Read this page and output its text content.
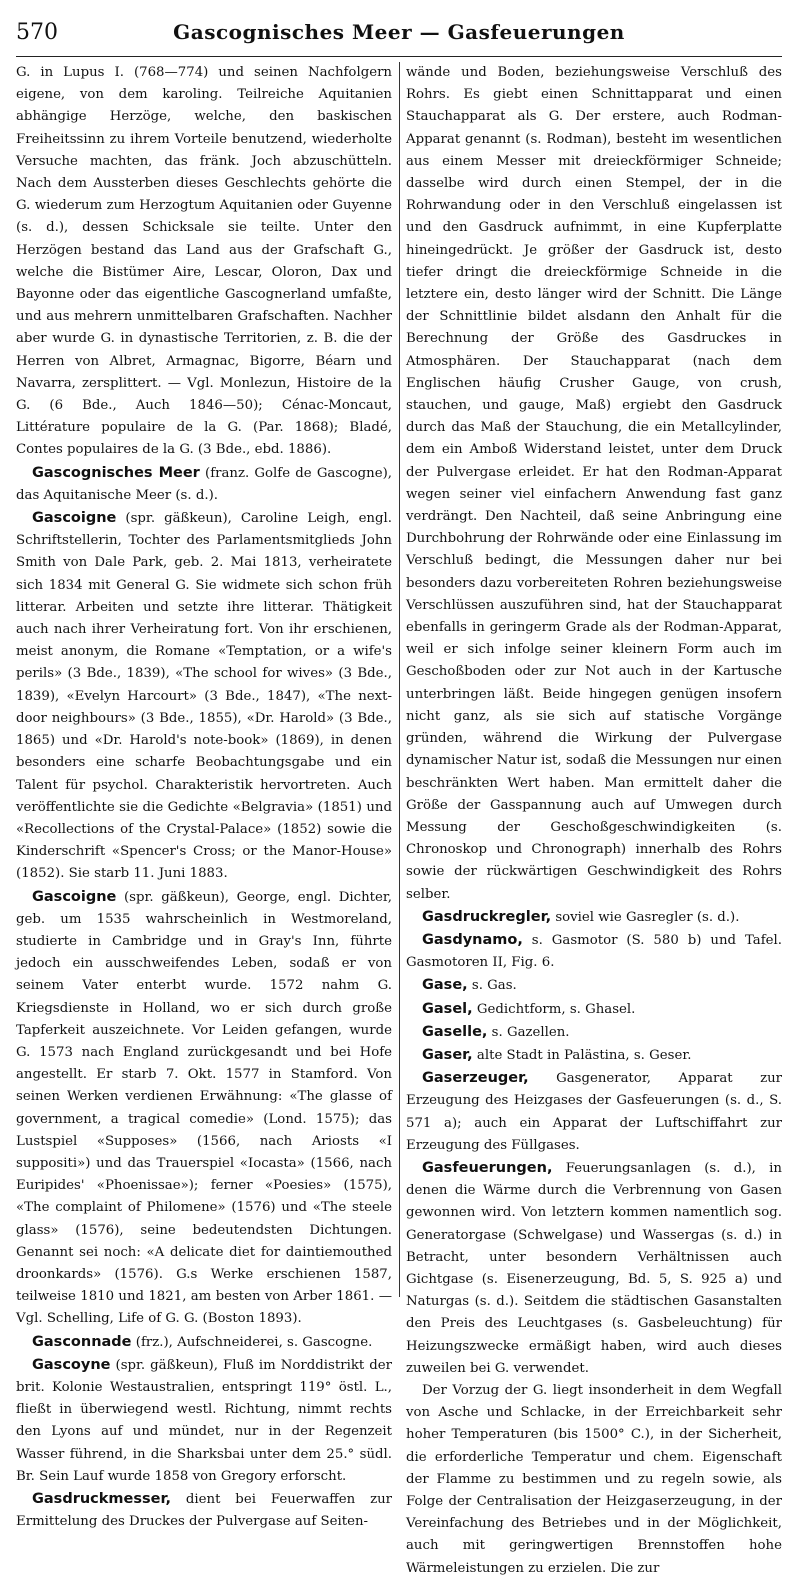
570	Gascognisches Meer — Gasfeuerungen

G. in Lupus I. (768—774) und seinen Nachfolgern eigene, von dem karoling. Teilreiche Aquitanien abhängige Herzöge, welche, den baskischen Freiheitssinn zu ihrem Vorteile benutzend, wiederholte Versuche machten, das fränk. Joch abzuschütteln. Nach dem Aussterben dieses Geschlechts gehörte die G. wiederum zum Herzogtum Aquitanien oder Guyenne (s. d.), dessen Schicksale sie teilte. Unter den Herzögen bestand das Land aus der Grafschaft G., welche die Bistümer Aire, Lescar, Oloron, Dax und Bayonne oder das eigentliche Gascognerland umfaßte, und aus mehrern unmittelbaren Grafschaften. Nachher aber wurde G. in dynastische Territorien, z. B. die der Herren von Albret, Armagnac, Bigorre, Béarn und Navarra, zersplittert. — Vgl. Monlezun, Histoire de la G. (6 Bde., Auch 1846—50); Cénac-Moncaut, Littérature populaire de la G. (Par. 1868); Bladé, Contes populaires de la G. (3 Bde., ebd. 1886).

Gascognisches Meer (franz. Golfe de Gascogne), das Aquitanische Meer (s. d.).

Gascoigne (spr. gäßkeun), Caroline Leigh, engl. Schriftstellerin, Tochter des Parlamentsmitglieds John Smith von Dale Park, geb. 2. Mai 1813, verheiratete sich 1834 mit General G. Sie widmete sich schon früh litterar. Arbeiten und setzte ihre litterar. Thätigkeit auch nach ihrer Verheiratung fort. Von ihr erschienen, meist anonym, die Romane «Temptation, or a wife's perils» (3 Bde., 1839), «The school for wives» (3 Bde., 1839), «Evelyn Harcourt» (3 Bde., 1847), «The next-door neighbours» (3 Bde., 1855), «Dr. Harold» (3 Bde., 1865) und «Dr. Harold's note-book» (1869), in denen besonders eine scharfe Beobachtungsgabe und ein Talent für psychol. Charakteristik hervortreten. Auch veröffentlichte sie die Gedichte «Belgravia» (1851) und «Recollections of the Crystal-Palace» (1852) sowie die Kinderschrift «Spencer's Cross; or the Manor-House» (1852). Sie starb 11. Juni 1883.

Gascoigne (spr. gäßkeun), George, engl. Dichter, geb. um 1535 wahrscheinlich in Westmoreland, studierte in Cambridge und in Gray's Inn, führte jedoch ein ausschweifendes Leben, sodaß er von seinem Vater enterbt wurde. 1572 nahm G. Kriegsdienste in Holland, wo er sich durch große Tapferkeit auszeichnete. Vor Leiden gefangen, wurde G. 1573 nach England zurückgesandt und bei Hofe angestellt. Er starb 7. Okt. 1577 in Stamford. Von seinen Werken verdienen Erwähnung: «The glasse of government, a tragical comedie» (Lond. 1575); das Lustspiel «Supposes» (1566, nach Ariosts «I suppositi») und das Trauerspiel «Iocasta» (1566, nach Euripides' «Phoenissae»); ferner «Poesies» (1575), «The complaint of Philomene» (1576) und «The steele glass» (1576), seine bedeutendsten Dichtungen. Genannt sei noch: «A delicate diet for daintiemouthed droonkards» (1576). G.s Werke erschienen 1587, teilweise 1810 und 1821, am besten von Arber 1861. — Vgl. Schelling, Life of G. G. (Boston 1893).

Gasconnade (frz.), Aufschneiderei, s. Gascogne.

Gascoyne (spr. gäßkeun), Fluß im Norddistrikt der brit. Kolonie Westaustralien, entspringt 119° östl. L., fließt in überwiegend westl. Richtung, nimmt rechts den Lyons auf und mündet, nur in der Regenzeit Wasser führend, in die Sharksbai unter dem 25.° südl. Br. Sein Lauf wurde 1858 von Gregory erforscht.

Gasdruckmesser, dient bei Feuerwaffen zur Ermittelung des Druckes der Pulvergase auf Seiten-

wände und Boden, beziehungsweise Verschluß des Rohrs. Es giebt einen Schnittapparat und einen Stauchapparat als G. Der erstere, auch Rodman-Apparat genannt (s. Rodman), besteht im wesentlichen aus einem Messer mit dreieckförmiger Schneide; dasselbe wird durch einen Stempel, der in die Rohrwandung oder in den Verschluß eingelassen ist und den Gasdruck aufnimmt, in eine Kupferplatte hineingedrückt. Je größer der Gasdruck ist, desto tiefer dringt die dreieckförmige Schneide in die letztere ein, desto länger wird der Schnitt. Die Länge der Schnittlinie bildet alsdann den Anhalt für die Berechnung der Größe des Gasdruckes in Atmosphären. Der Stauchapparat (nach dem Englischen häufig Crusher Gauge, von crush, stauchen, und gauge, Maß) ergiebt den Gasdruck durch das Maß der Stauchung, die ein Metallcylinder, dem ein Amboß Widerstand leistet, unter dem Druck der Pulvergase erleidet. Er hat den Rodman-Apparat wegen seiner viel einfachern Anwendung fast ganz verdrängt. Den Nachteil, daß seine Anbringung eine Durchbohrung der Rohrwände oder eine Einlassung im Verschluß bedingt, die Messungen daher nur bei besonders dazu vorbereiteten Rohren beziehungsweise Verschlüssen auszuführen sind, hat der Stauchapparat ebenfalls in geringerm Grade als der Rodman-Apparat, weil er sich infolge seiner kleinern Form auch im Geschoßboden oder zur Not auch in der Kartusche unterbringen läßt. Beide hingegen genügen insofern nicht ganz, als sie sich auf statische Vorgänge gründen, während die Wirkung der Pulvergase dynamischer Natur ist, sodaß die Messungen nur einen beschränkten Wert haben. Man ermittelt daher die Größe der Gasspannung auch auf Umwegen durch Messung der Geschoßgeschwindigkeiten (s. Chronoskop und Chronograph) innerhalb des Rohrs sowie der rückwärtigen Geschwindigkeit des Rohrs selber.

Gasdruckregler, soviel wie Gasregler (s. d.).

Gasdynamo, s. Gasmotor (S. 580 b) und Tafel. Gasmotoren II, Fig. 6.

Gase, s. Gas.

Gasel, Gedichtform, s. Ghasel.

Gaselle, s. Gazellen.

Gaser, alte Stadt in Palästina, s. Geser.

Gaserzeuger, Gasgenerator, Apparat zur Erzeugung des Heizgases der Gasfeuerungen (s. d., S. 571 a); auch ein Apparat der Luftschiffahrt zur Erzeugung des Füllgases.

Gasfeuerungen, Feuerungsanlagen (s. d.), in denen die Wärme durch die Verbrennung von Gasen gewonnen wird. Von letztern kommen namentlich sog. Generatorgase (Schwelgase) und Wassergas (s. d.) in Betracht, unter besondern Verhältnissen auch Gichtgase (s. Eisenerzeugung, Bd. 5, S. 925 a) und Naturgas (s. d.). Seitdem die städtischen Gasanstalten den Preis des Leuchtgases (s. Gasbeleuchtung) für Heizungszwecke ermäßigt haben, wird auch dieses zuweilen bei G. verwendet.

Der Vorzug der G. liegt insonderheit in dem Wegfall von Asche und Schlacke, in der Erreichbarkeit sehr hoher Temperaturen (bis 1500° C.), in der Sicherheit, die erforderliche Temperatur und chem. Eigenschaft der Flamme zu bestimmen und zu regeln sowie, als Folge der Centralisation der Heizgaserzeugung, in der Vereinfachung des Betriebes und in der Möglichkeit, auch mit geringwertigen Brennstoffen hohe Wärmeleistungen zu erzielen. Die zur
